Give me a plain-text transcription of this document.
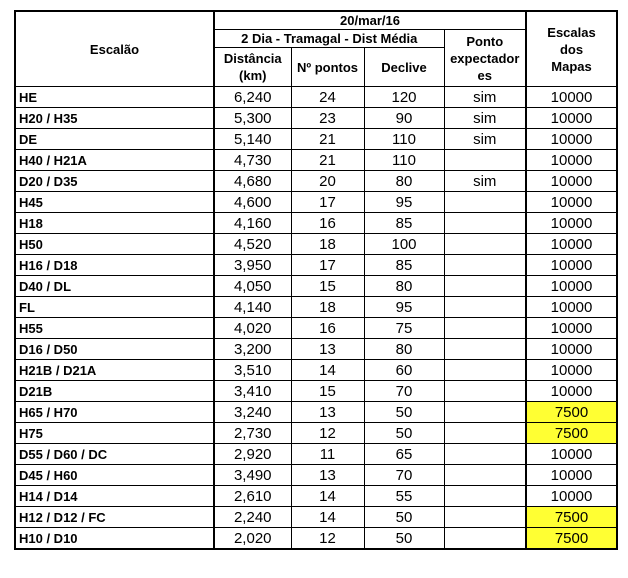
Escalão	20/mar/16				Escalas
dos
Mapas

	2 Dia - Tramagal - Dist Média			Ponto
expectador
es	

	Distância (km)	Nº pontos	Declive		
HE	6,240	24	120	sim	10000
H20 / H35	5,300	23	90	sim	10000
DE	5,140	21	110	sim	10000
H40 / H21A	4,730	21	110		10000
D20 / D35	4,680	20	80	sim	10000
H45	4,600	17	95		10000
H18	4,160	16	85		10000
H50	4,520	18	100		10000
H16 / D18	3,950	17	85		10000
D40 / DL	4,050	15	80		10000
FL	4,140	18	95		10000
H55	4,020	16	75		10000
D16 / D50	3,200	13	80		10000
H21B / D21A	3,510	14	60		10000
D21B	3,410	15	70		10000
H65 / H70	3,240	13	50		7500
H75	2,730	12	50		7500
D55 / D60 / DC	2,920	11	65		10000
D45 / H60	3,490	13	70		10000
H14 / D14	2,610	14	55		10000
H12 / D12 / FC	2,240	14	50		7500
H10 / D10	2,020	12	50		7500
